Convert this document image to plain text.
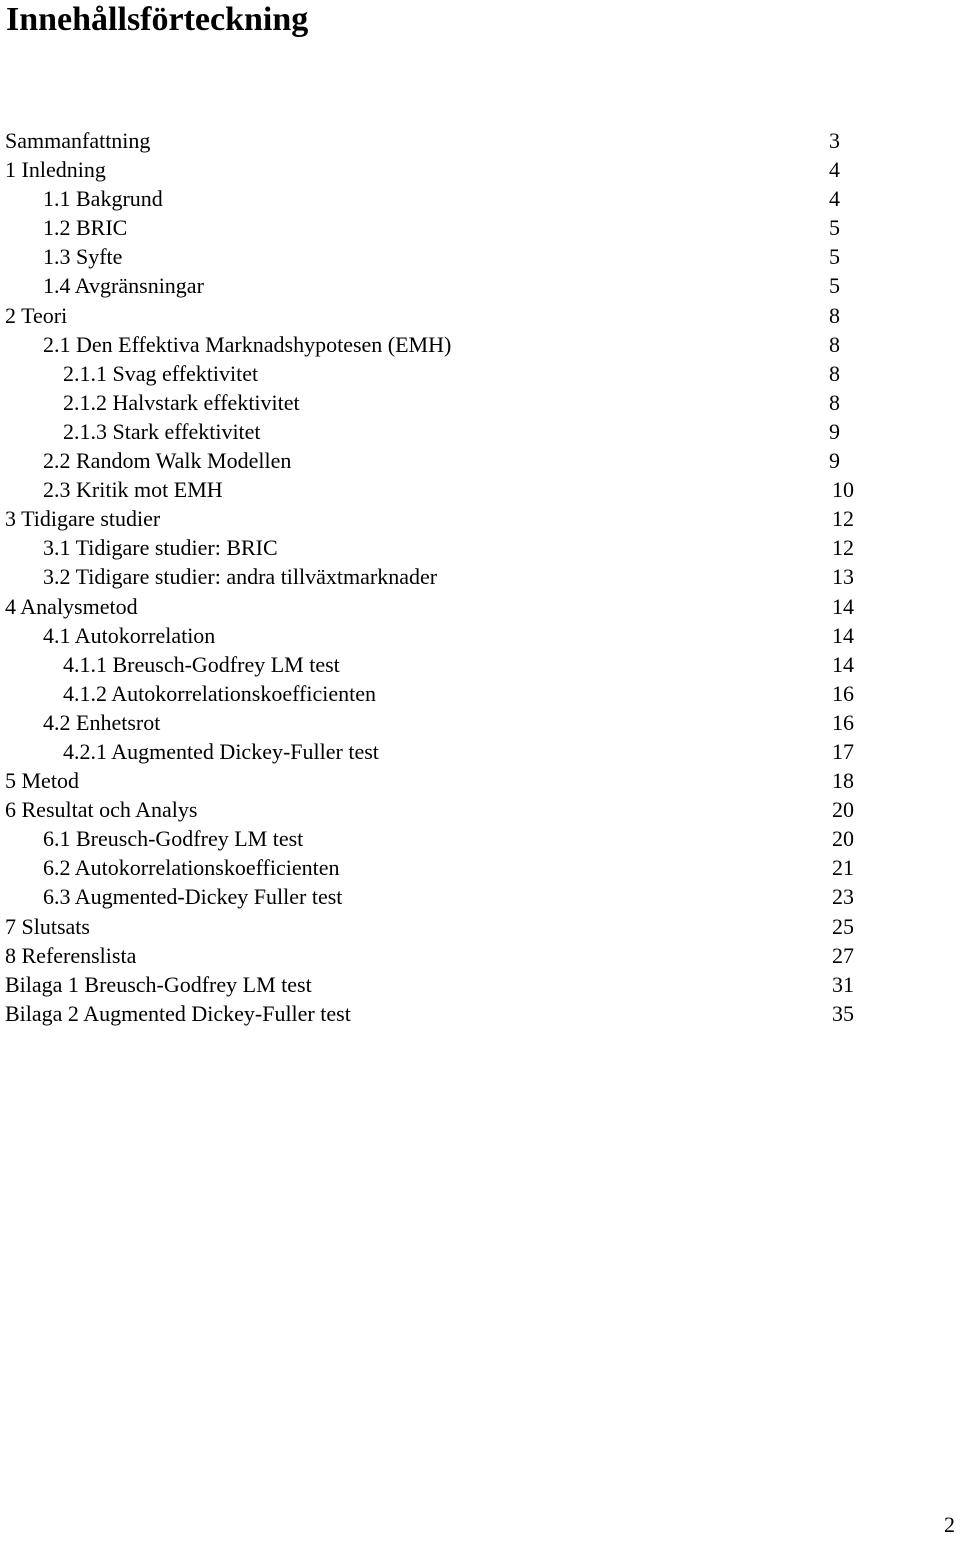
Innehållsförteckning
Sammanfattning	3
1 Inledning	4
1.1 Bakgrund	4
1.2 BRIC	5
1.3 Syfte	5
1.4 Avgränsningar	5
2 Teori	8
2.1 Den Effektiva Marknadshypotesen (EMH)	8
2.1.1 Svag effektivitet	8
2.1.2 Halvstark effektivitet	8
2.1.3 Stark effektivitet	9
2.2 Random Walk Modellen	9
2.3 Kritik mot EMH	10
3 Tidigare studier	12
3.1 Tidigare studier: BRIC	12
3.2 Tidigare studier: andra tillväxtmarknader	13
4 Analysmetod	14
4.1 Autokorrelation	14
4.1.1 Breusch-Godfrey LM test	14
4.1.2 Autokorrelationskoefficienten	16
4.2 Enhetsrot	16
4.2.1 Augmented Dickey-Fuller test	17
5 Metod	18
6 Resultat och Analys	20
6.1 Breusch-Godfrey LM test	20
6.2 Autokorrelationskoefficienten	21
6.3 Augmented-Dickey Fuller test	23
7 Slutsats	25
8 Referenslista	27
Bilaga 1 Breusch-Godfrey LM test	31
Bilaga 2 Augmented Dickey-Fuller test	35
2
